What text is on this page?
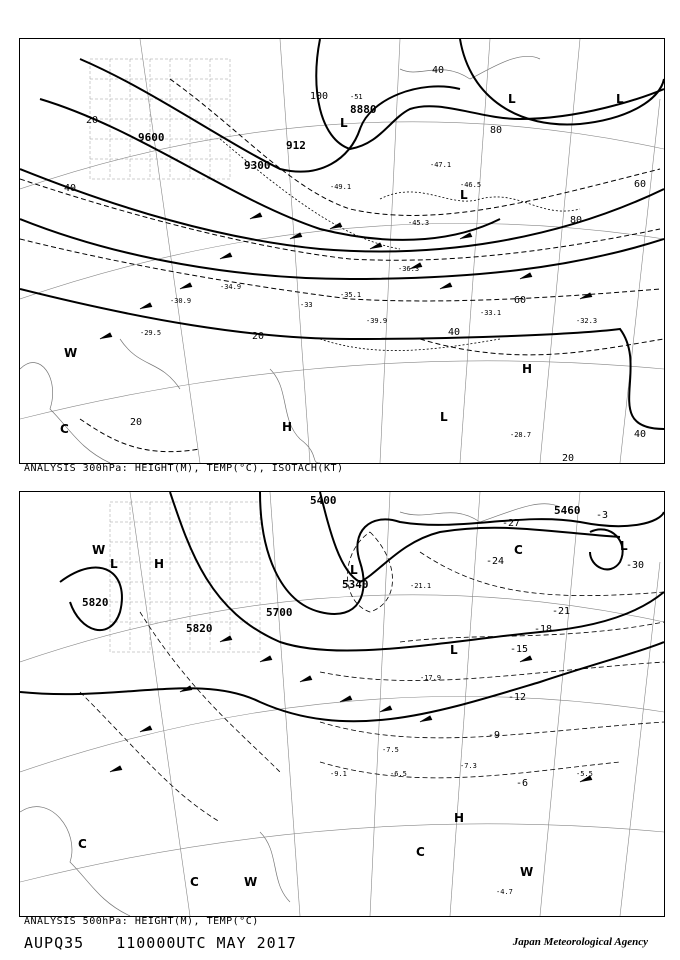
9600
9300
8880
912
20
40
60
80
100
40
20
20
20
40
60
80
40
-33
-35.1
-36.3
-39.9
-45.3
-46.5
-49.1
-51
-33.1
-32.3
-28.7
-29.5
-30.9
-34.9
-47.1
L
L
L
H
H
L
W
C
L
ANALYSIS 300hPa: HEIGHT(M), TEMP(°C), ISOTACH(KT)
5820
5700
5340
5460
5400
5820
-30
-27
-24
-21
-18
-15
-12
-9
-6
-3
-7.5
-6.5
-7.3
-5.5
-4.7
-9.1
-17.9
-21.1
L	H
W
L
L
C
C
C
W
H
C
W
L
ANALYSIS 500hPa: HEIGHT(M), TEMP(°C)
AUPQ35 110000UTC MAY 2017	Japan Meteorological Agency
